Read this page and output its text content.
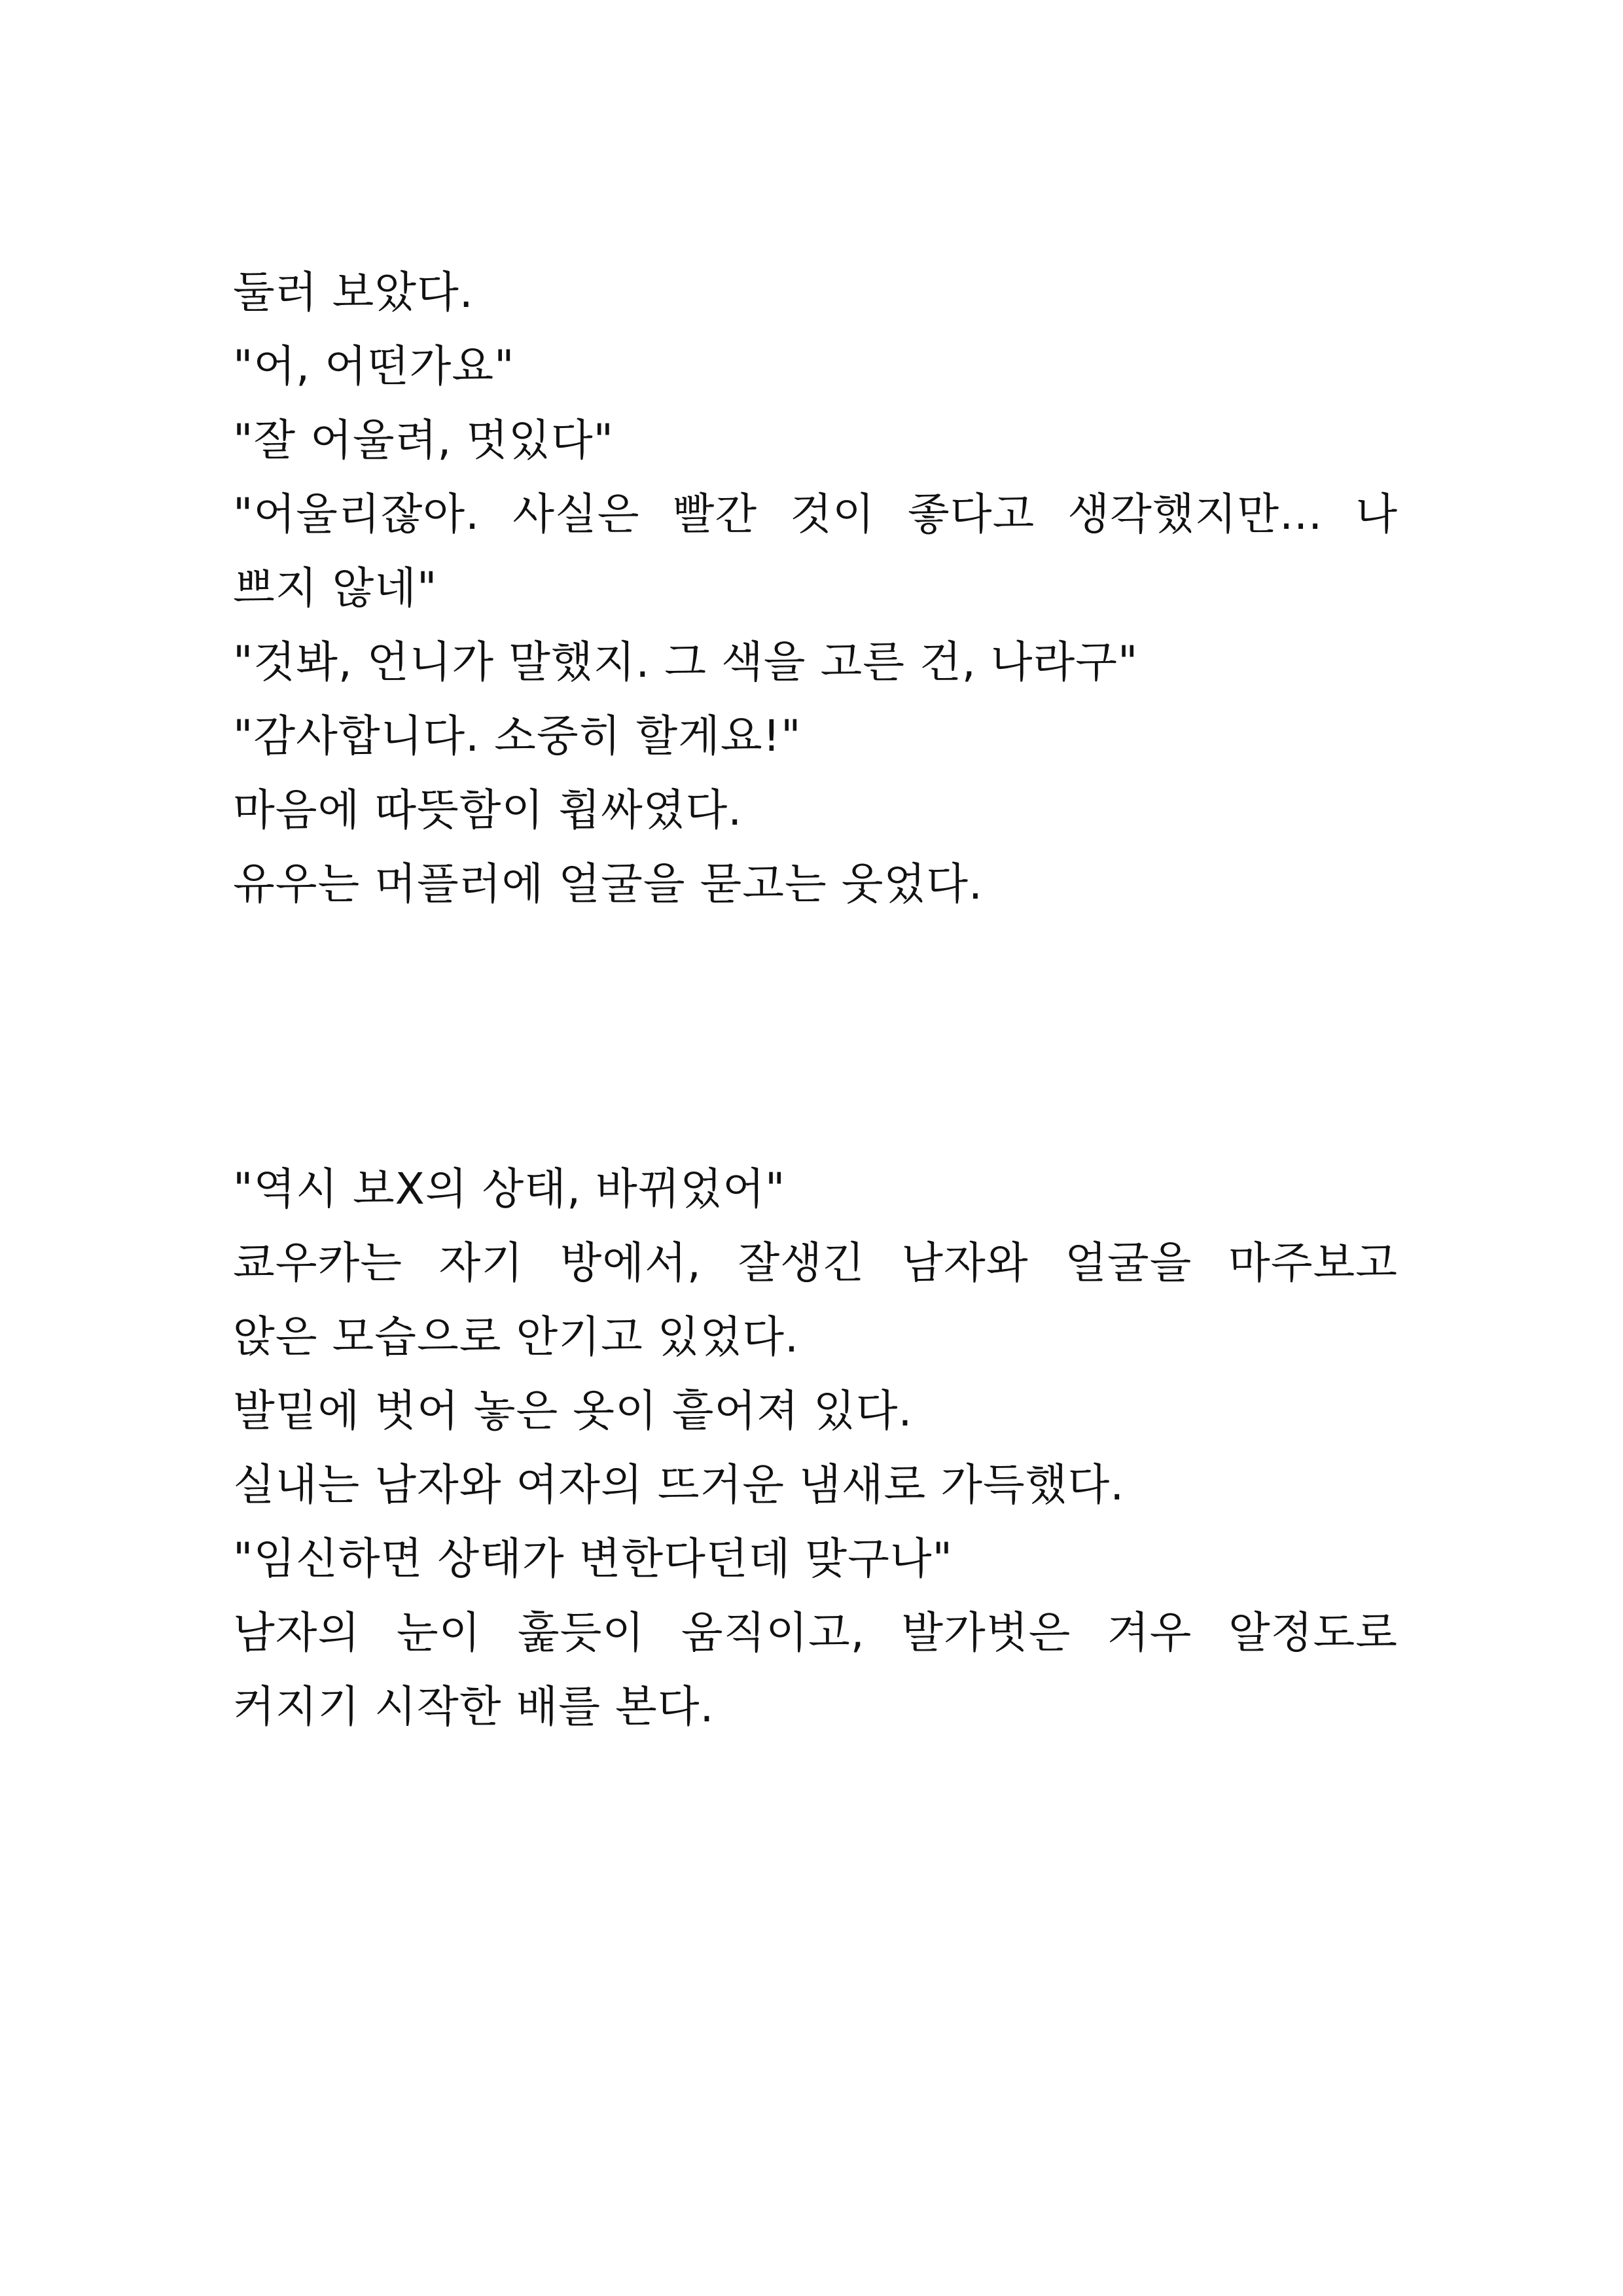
둘러 보았다.
"어, 어떤가요"
"잘 어울려, 멋있다"
"어울리잖아. 사실은 빨간 것이 좋다고 생각했지만... 나
쁘지 않네"
"것봐, 언니가 말했지. 그 색을 고른 건, 나라구"
"감사합니다. 소중히 할게요!"
마음에 따뜻함이 휩싸였다.
유우는 머플러에 얼굴을 묻고는 웃었다.
"역시 보X의 상태, 바뀌었어"
쿄우카는 자기 방에서, 잘생긴 남자와 얼굴을 마주보고
앉은 모습으로 안기고 있었다.
발밑에 벗어 놓은 옷이 흩어져 있다.
실내는 남자와 여자의 뜨거운 냄새로 가득했다.
"임신하면 상태가 변한다던데 맞구나"
남자의 눈이 훑듯이 움직이고, 발가벗은 겨우 알정도로
커지기 시작한 배를 본다.
